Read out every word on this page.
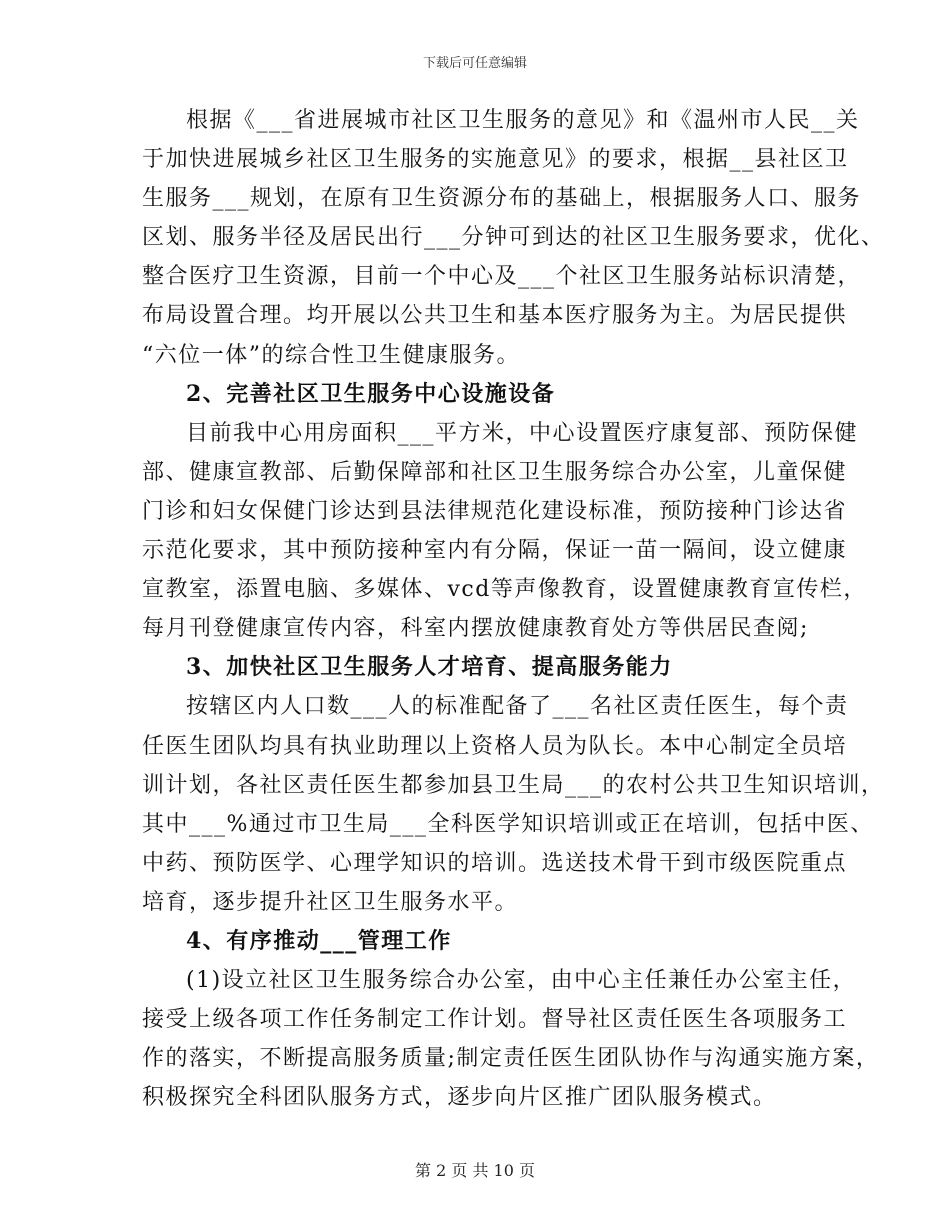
下载后可任意编辑
根据《___省进展城市社区卫生服务的意见》和《温州市人民__关
于加快进展城乡社区卫生服务的实施意见》的要求，根据__县社区卫
生服务___规划，在原有卫生资源分布的基础上，根据服务人口、服务
区划、服务半径及居民出行___分钟可到达的社区卫生服务要求，优化、
整合医疗卫生资源，目前一个中心及___个社区卫生服务站标识清楚，
布局设置合理。均开展以公共卫生和基本医疗服务为主。为居民提供
“六位一体”的综合性卫生健康服务。
2、完善社区卫生服务中心设施设备
目前我中心用房面积___平方米，中心设置医疗康复部、预防保健
部、健康宣教部、后勤保障部和社区卫生服务综合办公室，儿童保健
门诊和妇女保健门诊达到县法律规范化建设标准，预防接种门诊达省
示范化要求，其中预防接种室内有分隔，保证一苗一隔间，设立健康
宣教室，添置电脑、多媒体、vcd等声像教育，设置健康教育宣传栏，
每月刊登健康宣传内容，科室内摆放健康教育处方等供居民查阅;
3、加快社区卫生服务人才培育、提高服务能力
按辖区内人口数___人的标准配备了___名社区责任医生，每个责
任医生团队均具有执业助理以上资格人员为队长。本中心制定全员培
训计划，各社区责任医生都参加县卫生局___的农村公共卫生知识培训，
其中___%通过市卫生局___全科医学知识培训或正在培训，包括中医、
中药、预防医学、心理学知识的培训。选送技术骨干到市级医院重点
培育，逐步提升社区卫生服务水平。
4、有序推动___管理工作
(1)设立社区卫生服务综合办公室，由中心主任兼任办公室主任，
接受上级各项工作任务制定工作计划。督导社区责任医生各项服务工
作的落实，不断提高服务质量;制定责任医生团队协作与沟通实施方案，
积极探究全科团队服务方式，逐步向片区推广团队服务模式。
第 2 页 共 10 页
